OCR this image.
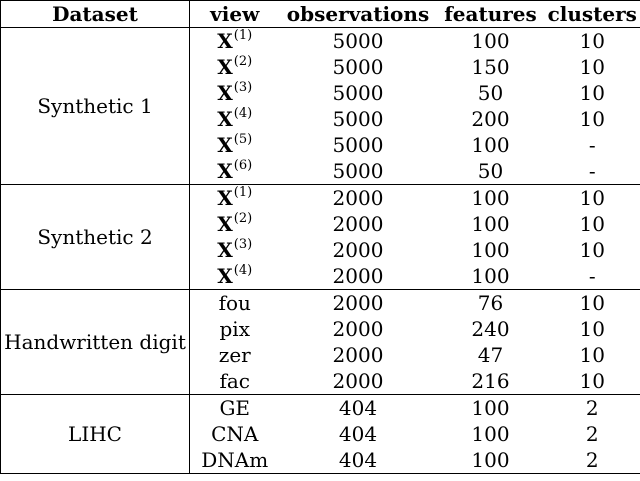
Dataset	view	observations	features	clusters
Synthetic 1	$X^{(1)}$	5000	100	10
	$X^{(2)}$	5000	150	10
	$X^{(3)}$	5000	50	10
	$X^{(4)}$	5000	200	10
	$X^{(5)}$	5000	100	-
	$X^{(6)}$	5000	50	-
Synthetic 2	$X^{(1)}$	2000	100	10
	$X^{(2)}$	2000	100	10
	$X^{(3)}$	2000	100	10
	$X^{(4)}$	2000	100	-
Handwritten digit	fou	2000	76	10
	pix	2000	240	10
	zer	2000	47	10
	fac	2000	216	10
LIHC	GE	404	100	2
	CNA	404	100	2
	DNAm	404	100	2
